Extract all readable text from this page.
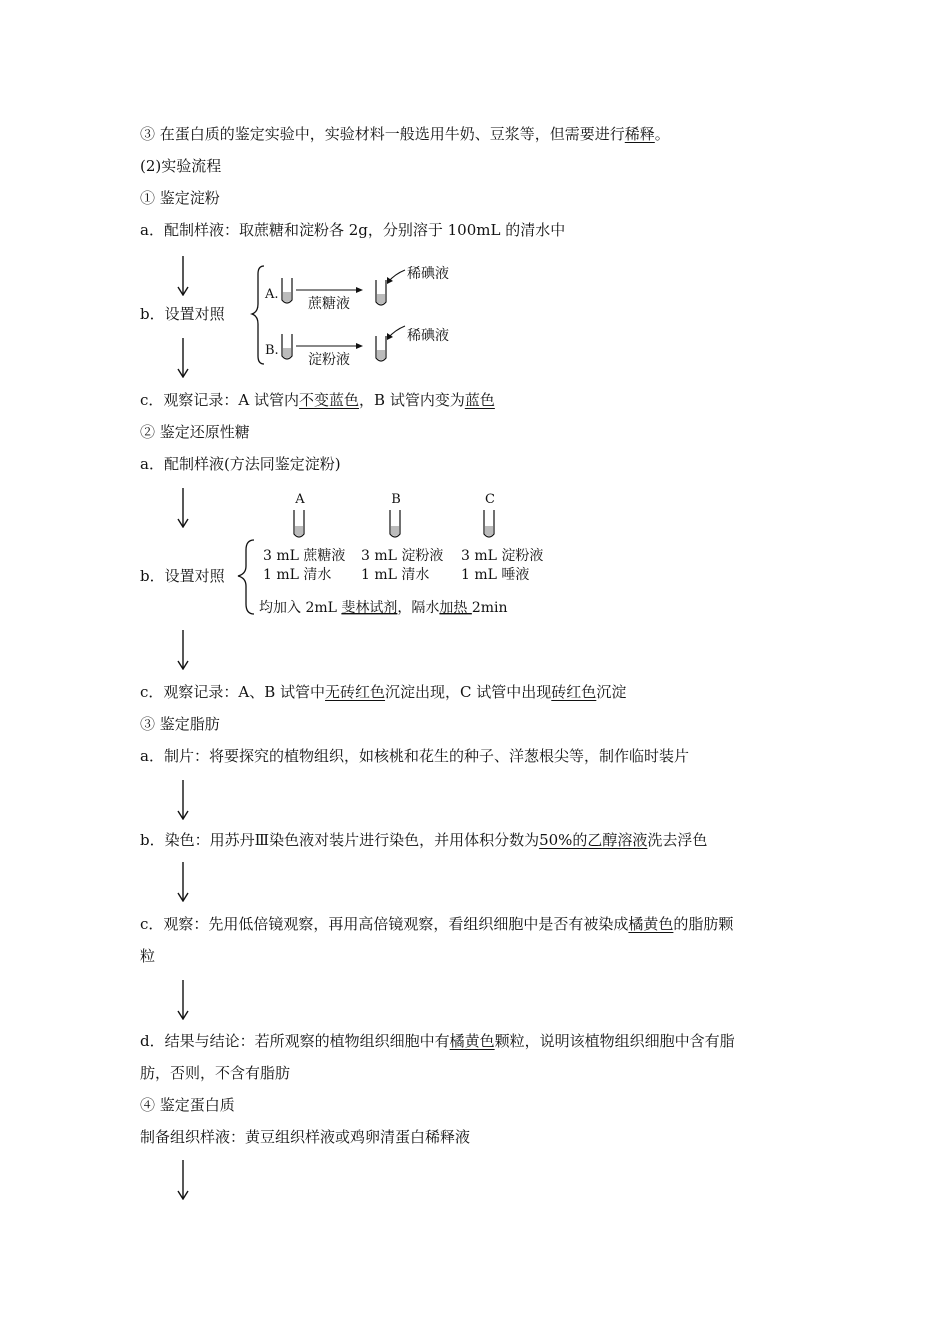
③ 在蛋白质的鉴定实验中，实验材料一般选用牛奶、豆浆等，但需要进行稀释。
(2)实验流程
① 鉴定淀粉
a．配制样液：取蔗糖和淀粉各 2g，分别溶于 100mL 的清水中
b．设置对照
A.
B.
蔗糖液
淀粉液
稀碘液
稀碘液
c．观察记录：A 试管内不变蓝色，B 试管内变为蓝色
② 鉴定还原性糖
a．配制样液(方法同鉴定淀粉)
A
3 mL 蔗糖液
1 mL 清水
B
3 mL 淀粉液
1 mL 清水
C
3 mL 淀粉液
1 mL 唾液
均加入 2mL 斐林试剂，隔水加热 2min
b．设置对照
c．观察记录：A、B 试管中无砖红色沉淀出现，C 试管中出现砖红色沉淀
③ 鉴定脂肪
a．制片：将要探究的植物组织，如核桃和花生的种子、洋葱根尖等，制作临时装片
b．染色：用苏丹Ⅲ染色液对装片进行染色，并用体积分数为50%的乙醇溶液洗去浮色
c．观察：先用低倍镜观察，再用高倍镜观察，看组织细胞中是否有被染成橘黄色的脂肪颗
粒
d．结果与结论：若所观察的植物组织细胞中有橘黄色颗粒，说明该植物组织细胞中含有脂
肪，否则，不含有脂肪
④ 鉴定蛋白质
制备组织样液：黄豆组织样液或鸡卵清蛋白稀释液
